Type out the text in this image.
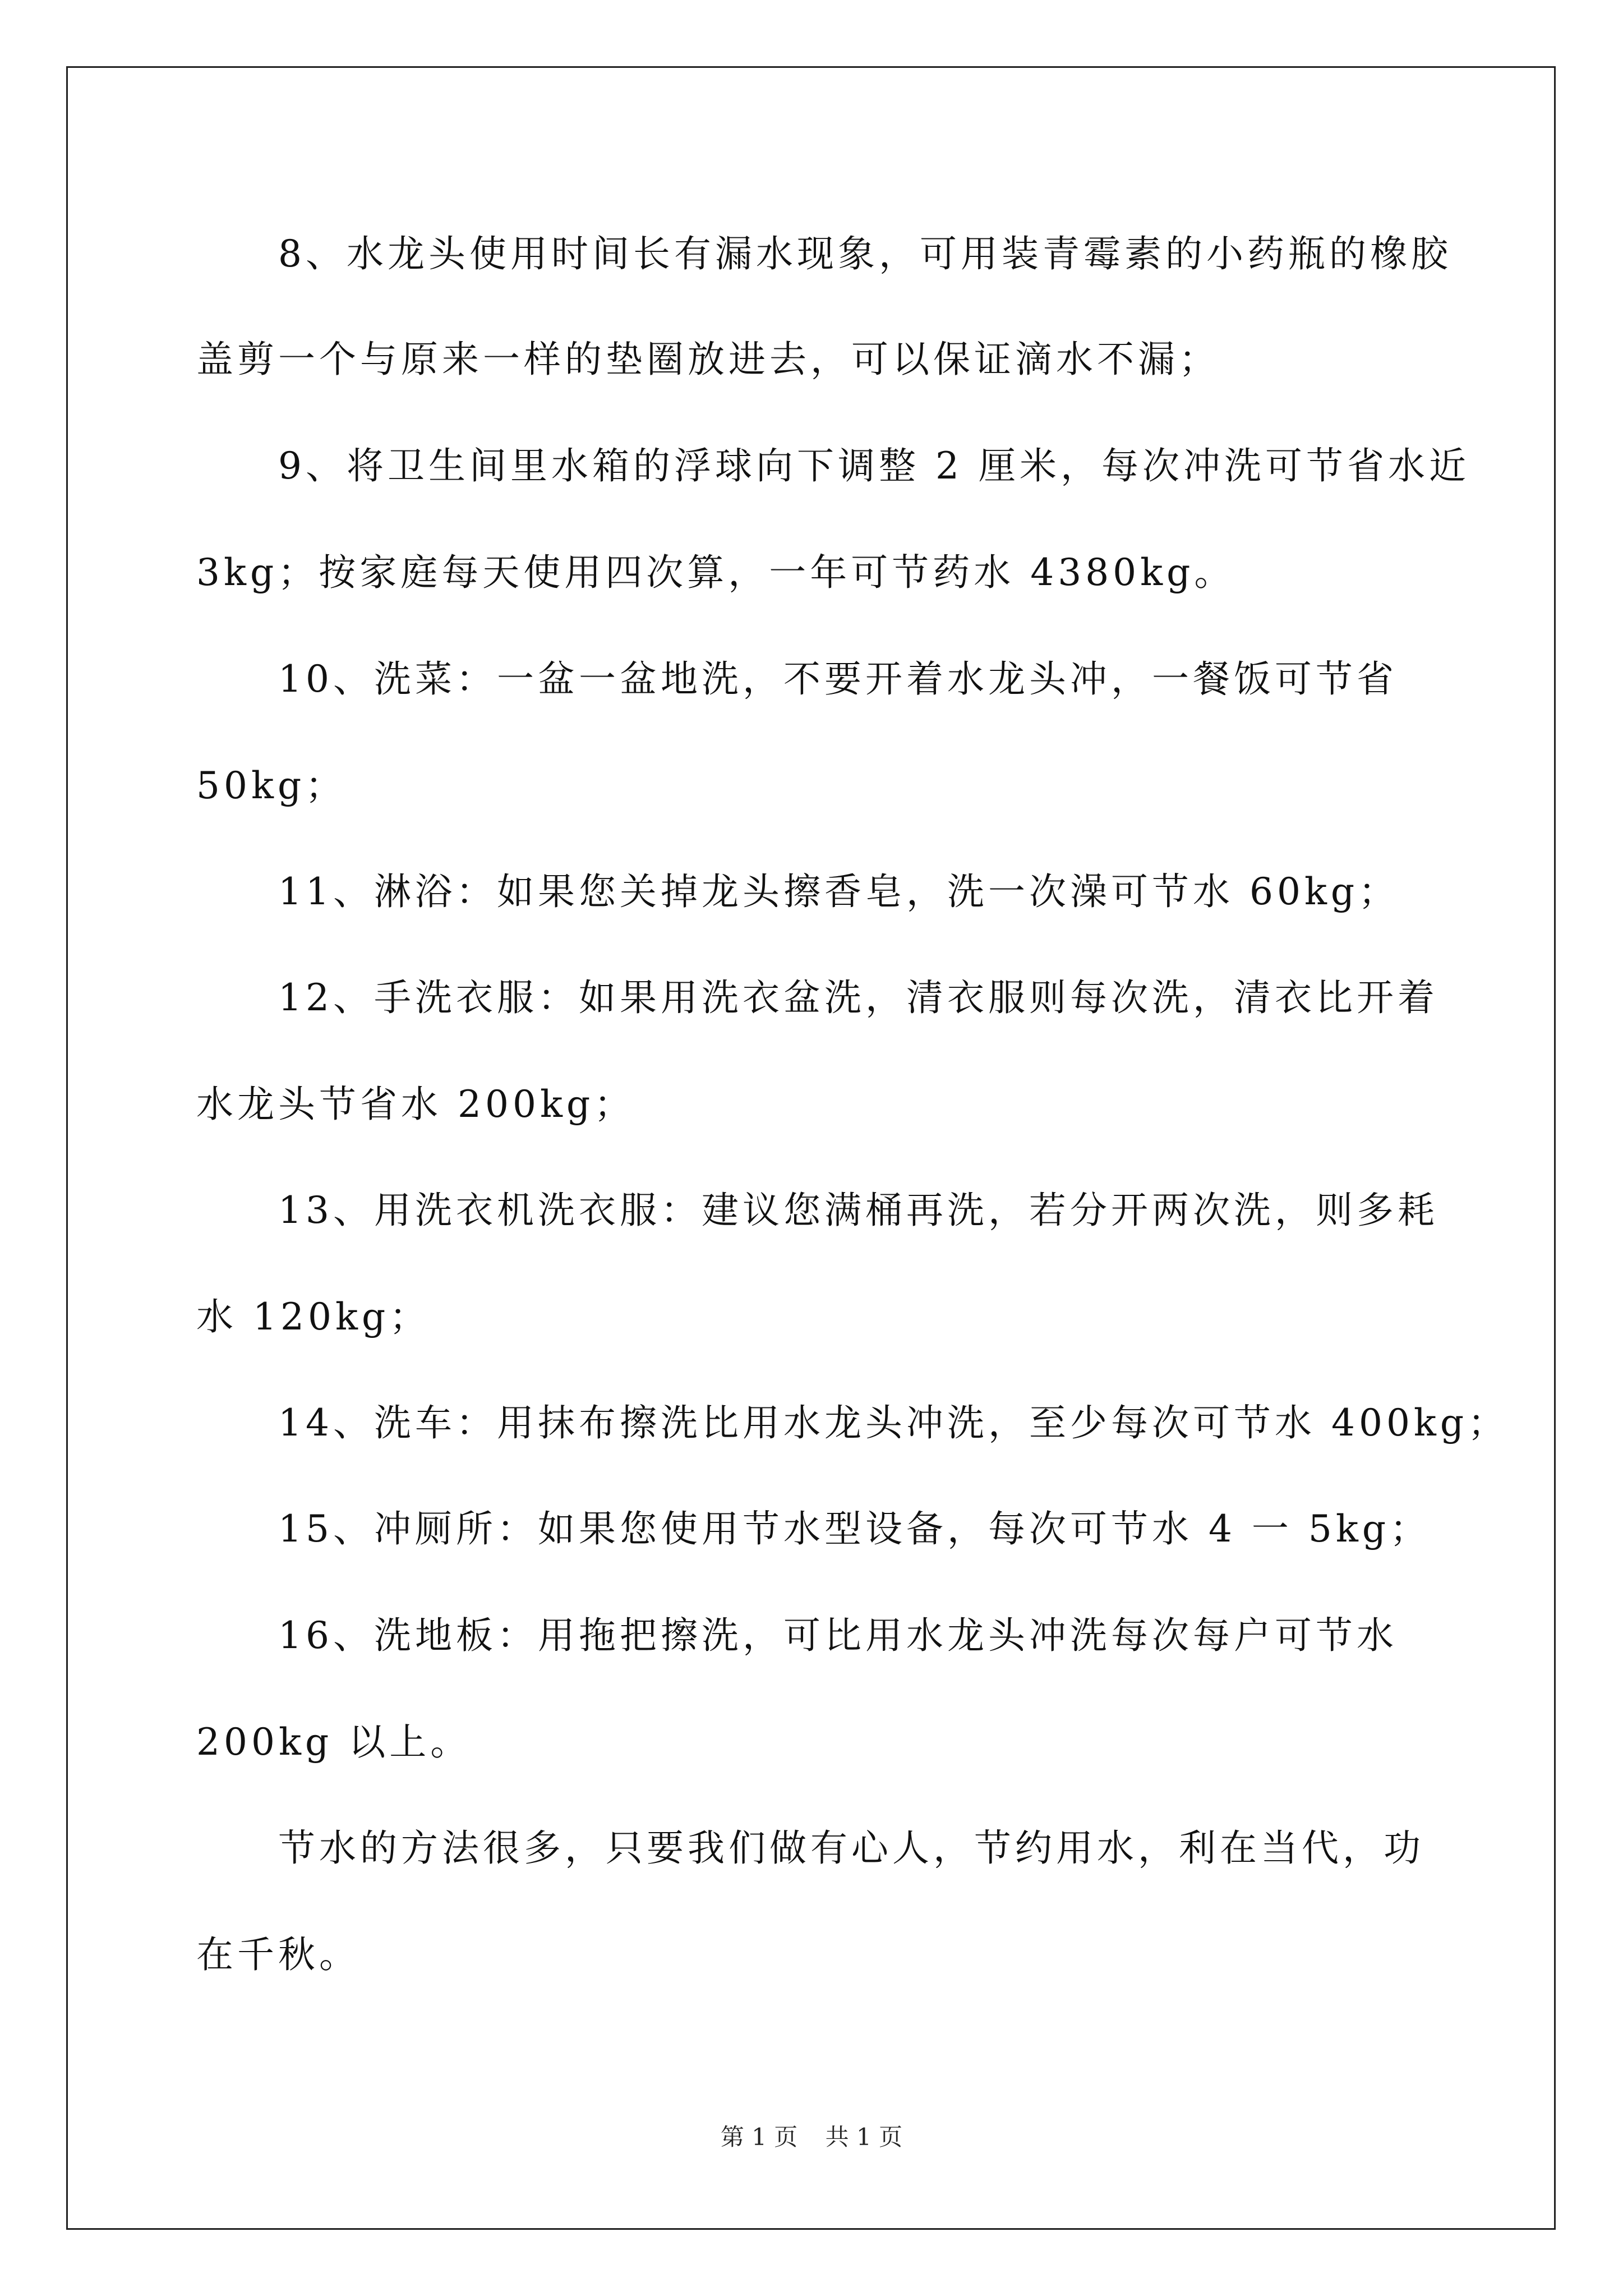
8、水龙头使用时间长有漏水现象，可用装青霉素的小药瓶的橡胶
盖剪一个与原来一样的垫圈放进去，可以保证滴水不漏；
9、将卫生间里水箱的浮球向下调整 2 厘米，每次冲洗可节省水近
3kg；按家庭每天使用四次算，一年可节药水 4380kg。
10、洗菜：一盆一盆地洗，不要开着水龙头冲，一餐饭可节省
50kg；
11、淋浴：如果您关掉龙头擦香皂，洗一次澡可节水 60kg；
12、手洗衣服：如果用洗衣盆洗，清衣服则每次洗，清衣比开着
水龙头节省水 200kg；
13、用洗衣机洗衣服：建议您满桶再洗，若分开两次洗，则多耗
水 120kg；
14、洗车：用抹布擦洗比用水龙头冲洗，至少每次可节水 400kg；
15、冲厕所：如果您使用节水型设备，每次可节水 4 一 5kg；
16、洗地板：用拖把擦洗，可比用水龙头冲洗每次每户可节水
200kg 以上。
节水的方法很多，只要我们做有心人，节约用水，利在当代，功
在千秋。
第 1 页 共 1 页
